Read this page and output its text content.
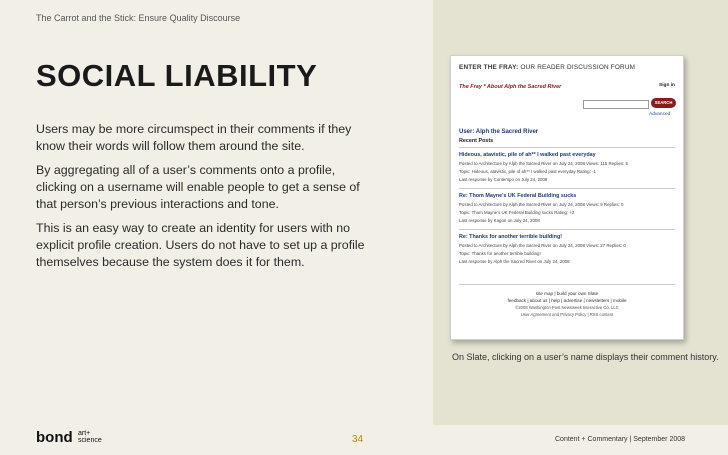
The Carrot and the Stick: Ensure Quality Discourse
SOCIAL LIABILITY

Users may be more circumspect in their comments if they know their words will follow them around the site.

By aggregating all of a user’s comments onto a profile, clicking on a username will enable people to get a sense of that person’s previous interactions and tone.

This is an easy way to create an identity for users with no explicit profile creation. Users do not have to set up a profile themselves because the system does it for them.

ENTER THE FRAY: OUR READER DISCUSSION FORUM
The Fray * About Alph the Sacred River	Sign in
SEARCH
Advanced
User: Alph the Sacred River
Recent Posts
Hideous, atavistic, pile of ah** I walked past everyday
Posted to Architecture by Alph the Sacred River on July 24, 2008 Views: 115 Replies: 5
Topic: Hideous, atavistic, pile of ah** I walked past everyday Rating: -1
Last response by Contempo on July 24, 2008
Re: Thom Mayne's UK Federal Building sucks
Posted to Architecture by Alph the Sacred River on July 24, 2008 Views: 9 Replies: 0
Topic: Thom Mayne's UK Federal Building sucks Rating: +2
Last response by Kagon on July 24, 2008
Re: Thanks for another terrible building!
Posted to Architecture by Alph the Sacred River on July 24, 2008 Views: 27 Replies: 0
Topic: Thanks for another terrible building!
Last response by Alph the Sacred River on July 24, 2008
site map | build your own Slate
feedback | about us | help | advertise | newsletters | mobile
©2008 Washington Post.Newsweek Interactive Co. LLC
User Agreement and Privacy Policy | RSS content
On Slate, clicking on a user’s name displays their comment history.
bond art+
science	34	Content + Commentary | September 2008
